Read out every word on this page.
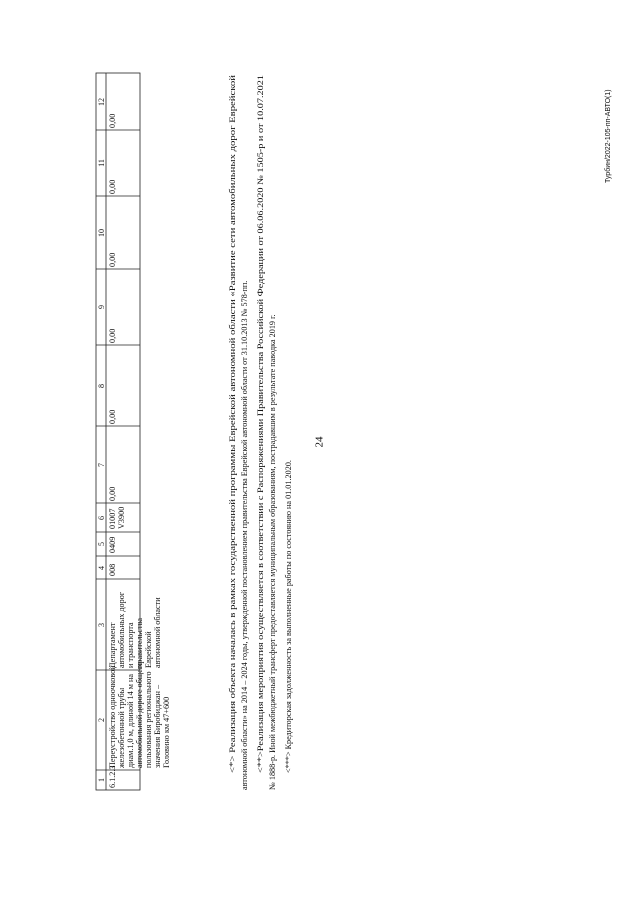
24
1
2
3
4
5
6
7
8
9
10
11
12
6.1.2.3
Переустройство одноочковой железобетонной трубы диам.1,0 м, длиной 14 м на автомобильной дороге общего пользования регионального значения Биробиджан – Головино км 47+600
Департамент автомобильных дорог и транспорта правительства Еврейской автономной области
008
0409
01007 V3900
0,00
0,00
0,00
0,00
0,00
0,00
<*> Реализация объекта началась в рамках государственной программы Еврейской автономной области «Развитие сети автомобильных дорог Еврейской автономной области» на 2014 – 2024 годы, утвержденной постановлением правительства Еврейской автономной области от 31.10.2013 № 578-пп. <**>Реализация мероприятия осуществляется в соответствии с Распоряжениями Правительства Российской Федерации от 06.06.2020 № 1505-р и от 10.07.2021 № 1888-р. Иной межбюджетный трансферт предоставляется муниципальным образованиям, пострадавшим в результате паводка 2019 г. <***> Кредиторская задолженность за выполненные работы по состоянию на 01.01.2020.
Турбин/2022-105-пп-АВТО(1)
